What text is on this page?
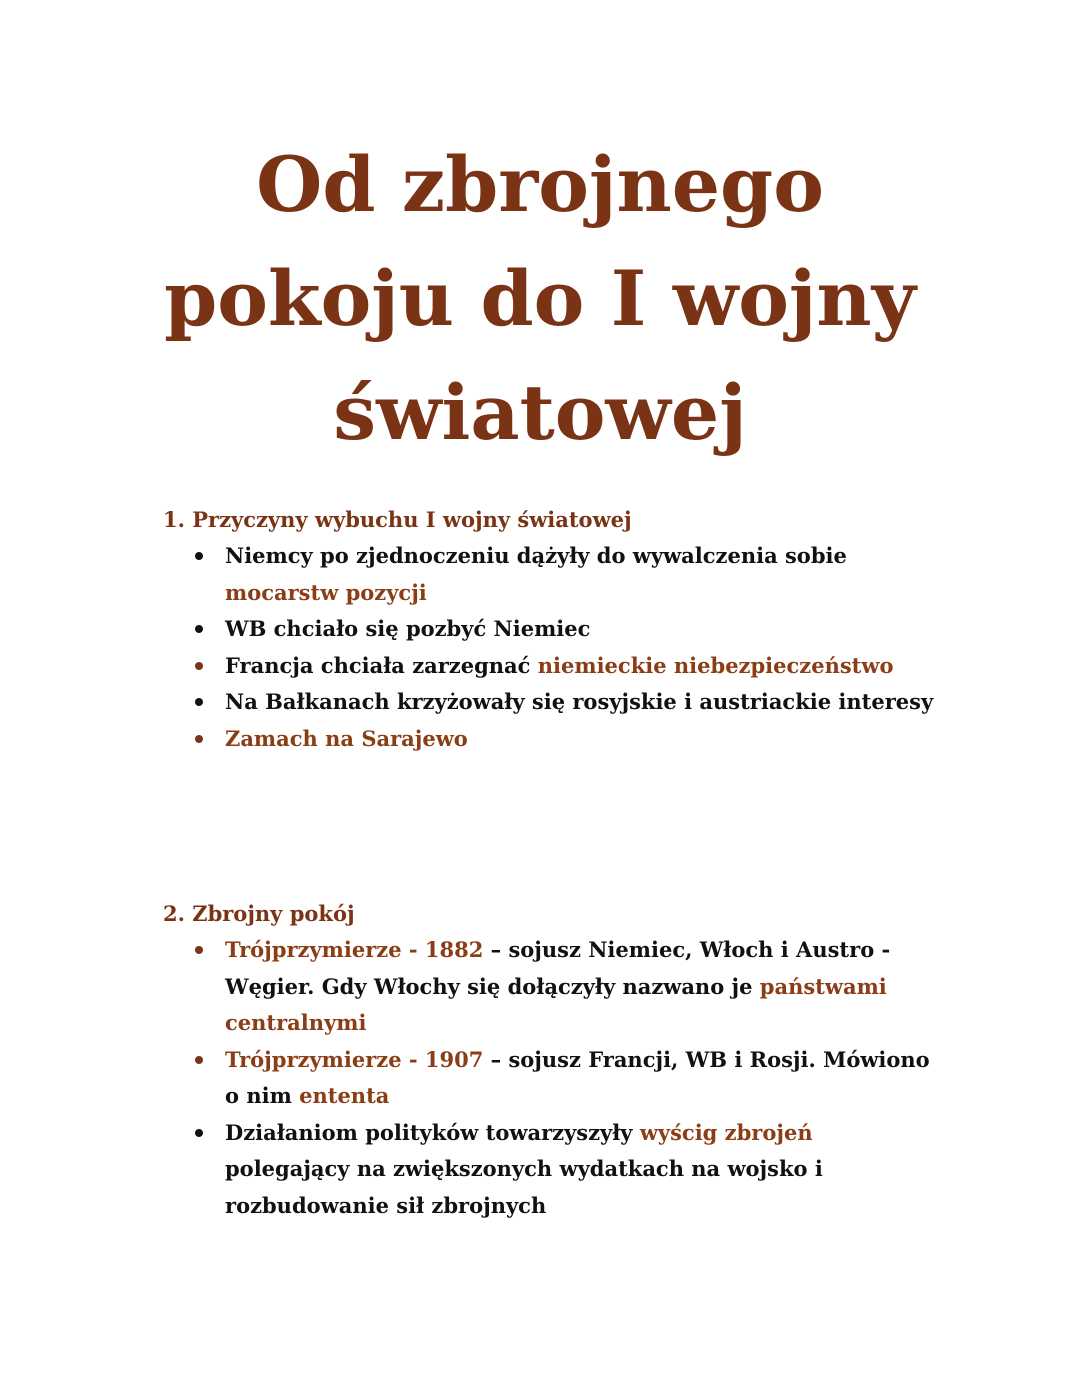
Od zbrojnego
pokoju do I wojny
światowej
1. Przyczyny wybuchu I wojny światowej
Niemcy po zjednoczeniu dążyły do wywalczenia sobie mocarstw pozycji
WB chciało się pozbyć Niemiec
Francja chciała zarzegnać niemieckie niebezpieczeństwo
Na Bałkanach krzyżowały się rosyjskie i austriackie interesy
Zamach na Sarajewo
2. Zbrojny pokój
Trójprzymierze - 1882 – sojusz Niemiec, Włoch i Austro - Węgier. Gdy Włochy się dołączyły nazwano je państwami centralnymi
Trójprzymierze - 1907 – sojusz Francji, WB i Rosji. Mówiono o nim ententa
Działaniom polityków towarzyszyły wyścig zbrojeń polegający na zwiększonych wydatkach na wojsko i rozbudowanie sił zbrojnych
